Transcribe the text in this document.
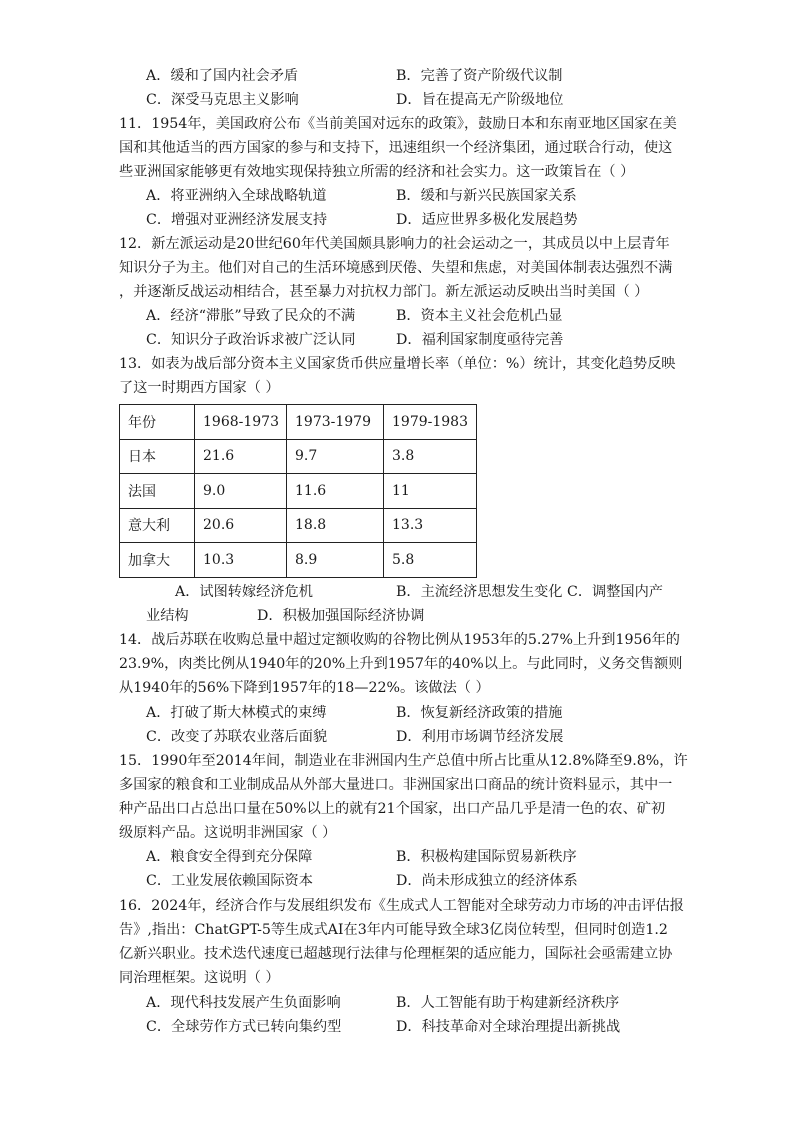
A．缓和了国内社会矛盾	B．完善了资产阶级代议制
C．深受马克思主义影响	D．旨在提高无产阶级地位
11．1954年，美国政府公布《当前美国对远东的政策》，鼓励日本和东南亚地区国家在美
国和其他适当的西方国家的参与和支持下，迅速组织一个经济集团，通过联合行动，使这
些亚洲国家能够更有效地实现保持独立所需的经济和社会实力。这一政策旨在（ ）
A．将亚洲纳入全球战略轨道	B．缓和与新兴民族国家关系
C．增强对亚洲经济发展支持	D．适应世界多极化发展趋势
12．新左派运动是20世纪60年代美国颇具影响力的社会运动之一，其成员以中上层青年
知识分子为主。他们对自己的生活环境感到厌倦、失望和焦虑，对美国体制表达强烈不满
，并逐渐反战运动相结合，甚至暴力对抗权力部门。新左派运动反映出当时美国（ ）
A．经济“滞胀”导致了民众的不满	B．资本主义社会危机凸显
C．知识分子政治诉求被广泛认同	D．福利国家制度亟待完善
13．如表为战后部分资本主义国家货币供应量增长率（单位：%）统计，其变化趋势反映
了这一时期西方国家（ ）
年份	1968-1973	1973-1979	1979-1983
日本	21.6	9.7	3.8
法国	9.0	11.6	11
意大利	20.6	18.8	13.3
加拿大	10.3	8.9	5.8
A．试图转嫁经济危机	B．主流经济思想发生变化 C．调整国内产
业结构	D．积极加强国际经济协调
14．战后苏联在收购总量中超过定额收购的谷物比例从1953年的5.27%上升到1956年的
23.9%，肉类比例从1940年的20%上升到1957年的40%以上。与此同时，义务交售额则
从1940年的56%下降到1957年的18—22%。该做法（ ）
A．打破了斯大林模式的束缚	B．恢复新经济政策的措施
C．改变了苏联农业落后面貌	D．利用市场调节经济发展
15．1990年至2014年间，制造业在非洲国内生产总值中所占比重从12.8%降至9.8%，许
多国家的粮食和工业制成品从外部大量进口。非洲国家出口商品的统计资料显示，其中一
种产品出口占总出口量在50%以上的就有21个国家，出口产品几乎是清一色的农、矿初
级原料产品。这说明非洲国家（ ）
A．粮食安全得到充分保障	B．积极构建国际贸易新秩序
C．工业发展依赖国际资本	D．尚未形成独立的经济体系
16．2024年，经济合作与发展组织发布《生成式人工智能对全球劳动力市场的冲击评估报
告》,指出：ChatGPT-5等生成式AI在3年内可能导致全球3亿岗位转型，但同时创造1.2
亿新兴职业。技术迭代速度已超越现行法律与伦理框架的适应能力，国际社会亟需建立协
同治理框架。这说明（ ）
A．现代科技发展产生负面影响	B．人工智能有助于构建新经济秩序
C．全球劳作方式已转向集约型	D．科技革命对全球治理提出新挑战
